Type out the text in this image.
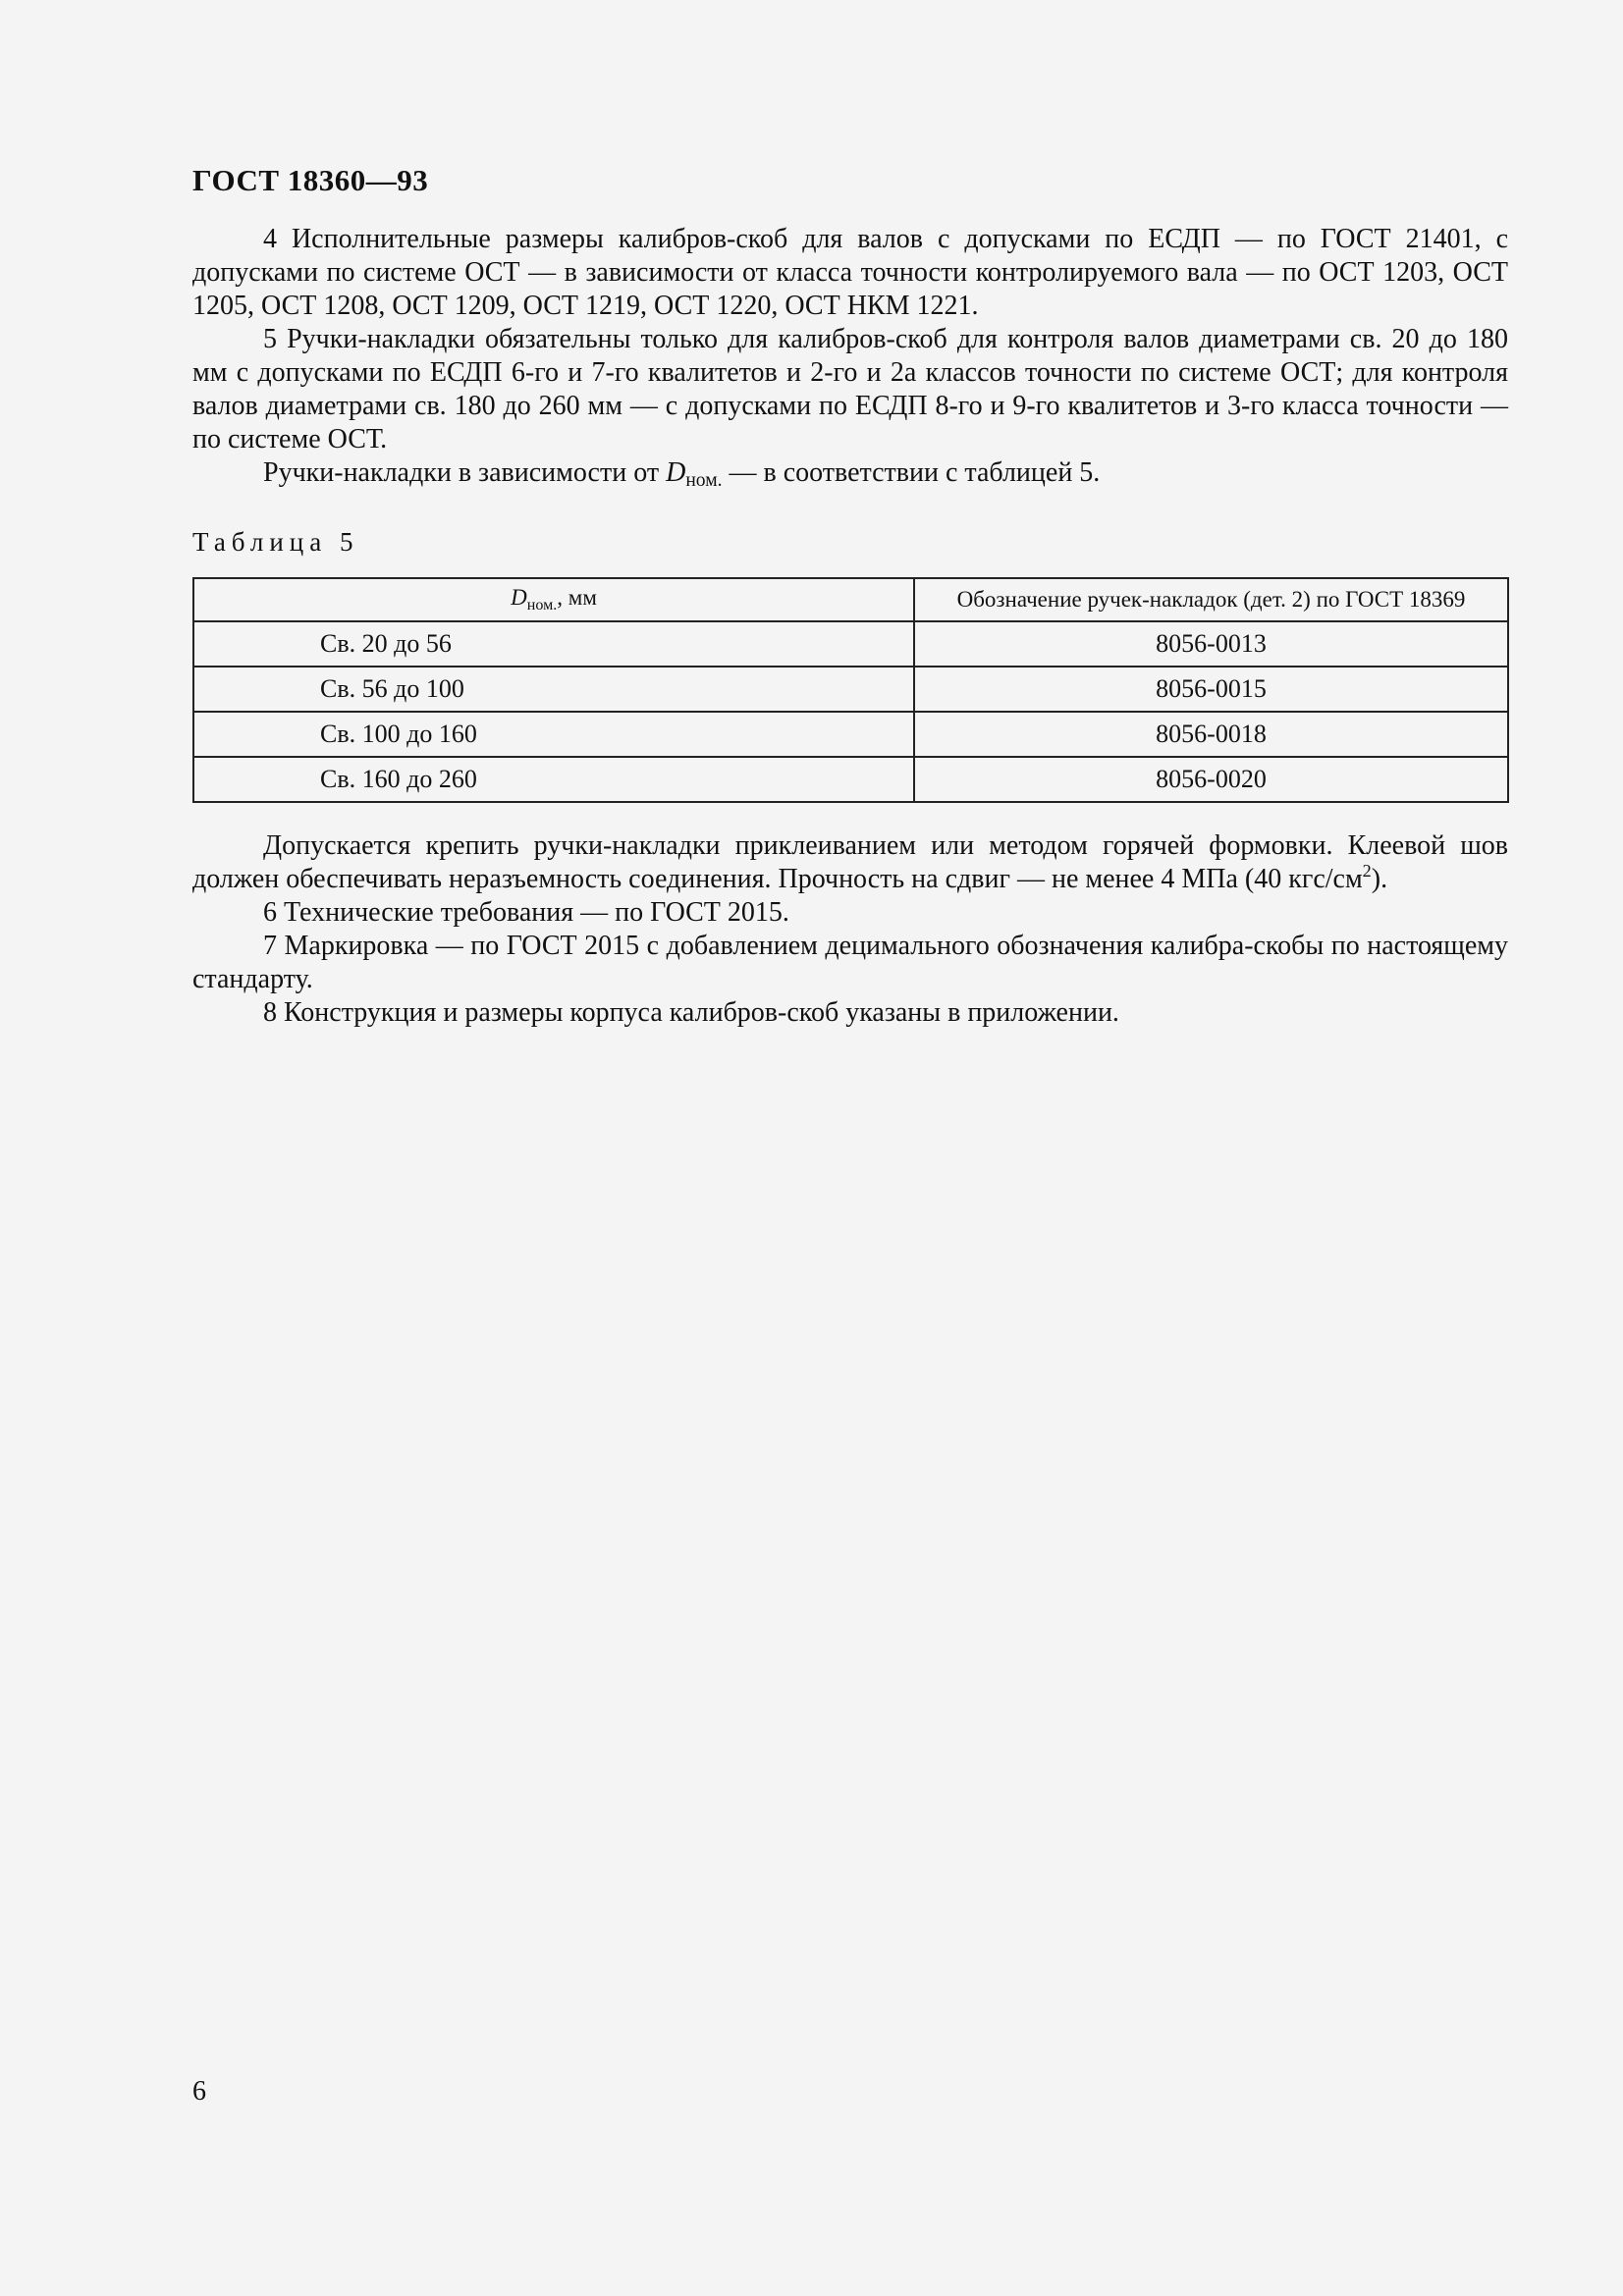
ГОСТ 18360—93

4 Исполнительные размеры калибров-скоб для валов с допусками по ЕСДП — по ГОСТ 21401, с допусками по системе ОСТ — в зависимости от класса точности контролируемого вала — по ОСТ 1203, ОСТ 1205, ОСТ 1208, ОСТ 1209, ОСТ 1219, ОСТ 1220, ОСТ НКМ 1221.

5 Ручки-накладки обязательны только для калибров-скоб для контроля валов диаметрами св. 20 до 180 мм с допусками по ЕСДП 6-го и 7-го квалитетов и 2-го и 2а классов точности по системе ОСТ; для контроля валов диаметрами св. 180 до 260 мм — с допусками по ЕСДП 8-го и 9-го квалитетов и 3-го класса точности — по системе ОСТ.

Ручки-накладки в зависимости от $D_{ном.}$ — в соответствии с таблицей 5.

Таблица 5
$D_{ном.}$, мм	Обозначение ручек-накладок (дет. 2) по ГОСТ 18369
Св. 20 до 56	8056-0013
Св. 56 до 100	8056-0015
Св. 100 до 160	8056-0018
Св. 160 до 260	8056-0020

Допускается крепить ручки-накладки приклеиванием или методом горячей формовки. Клеевой шов должен обеспечивать неразъемность соединения. Прочность на сдвиг — не менее 4 МПа (40 кгс/$см^2$).

6 Технические требования — по ГОСТ 2015.

7 Маркировка — по ГОСТ 2015 с добавлением децимального обозначения калибра-скобы по настоящему стандарту.

8 Конструкция и размеры корпуса калибров-скоб указаны в приложении.

6
